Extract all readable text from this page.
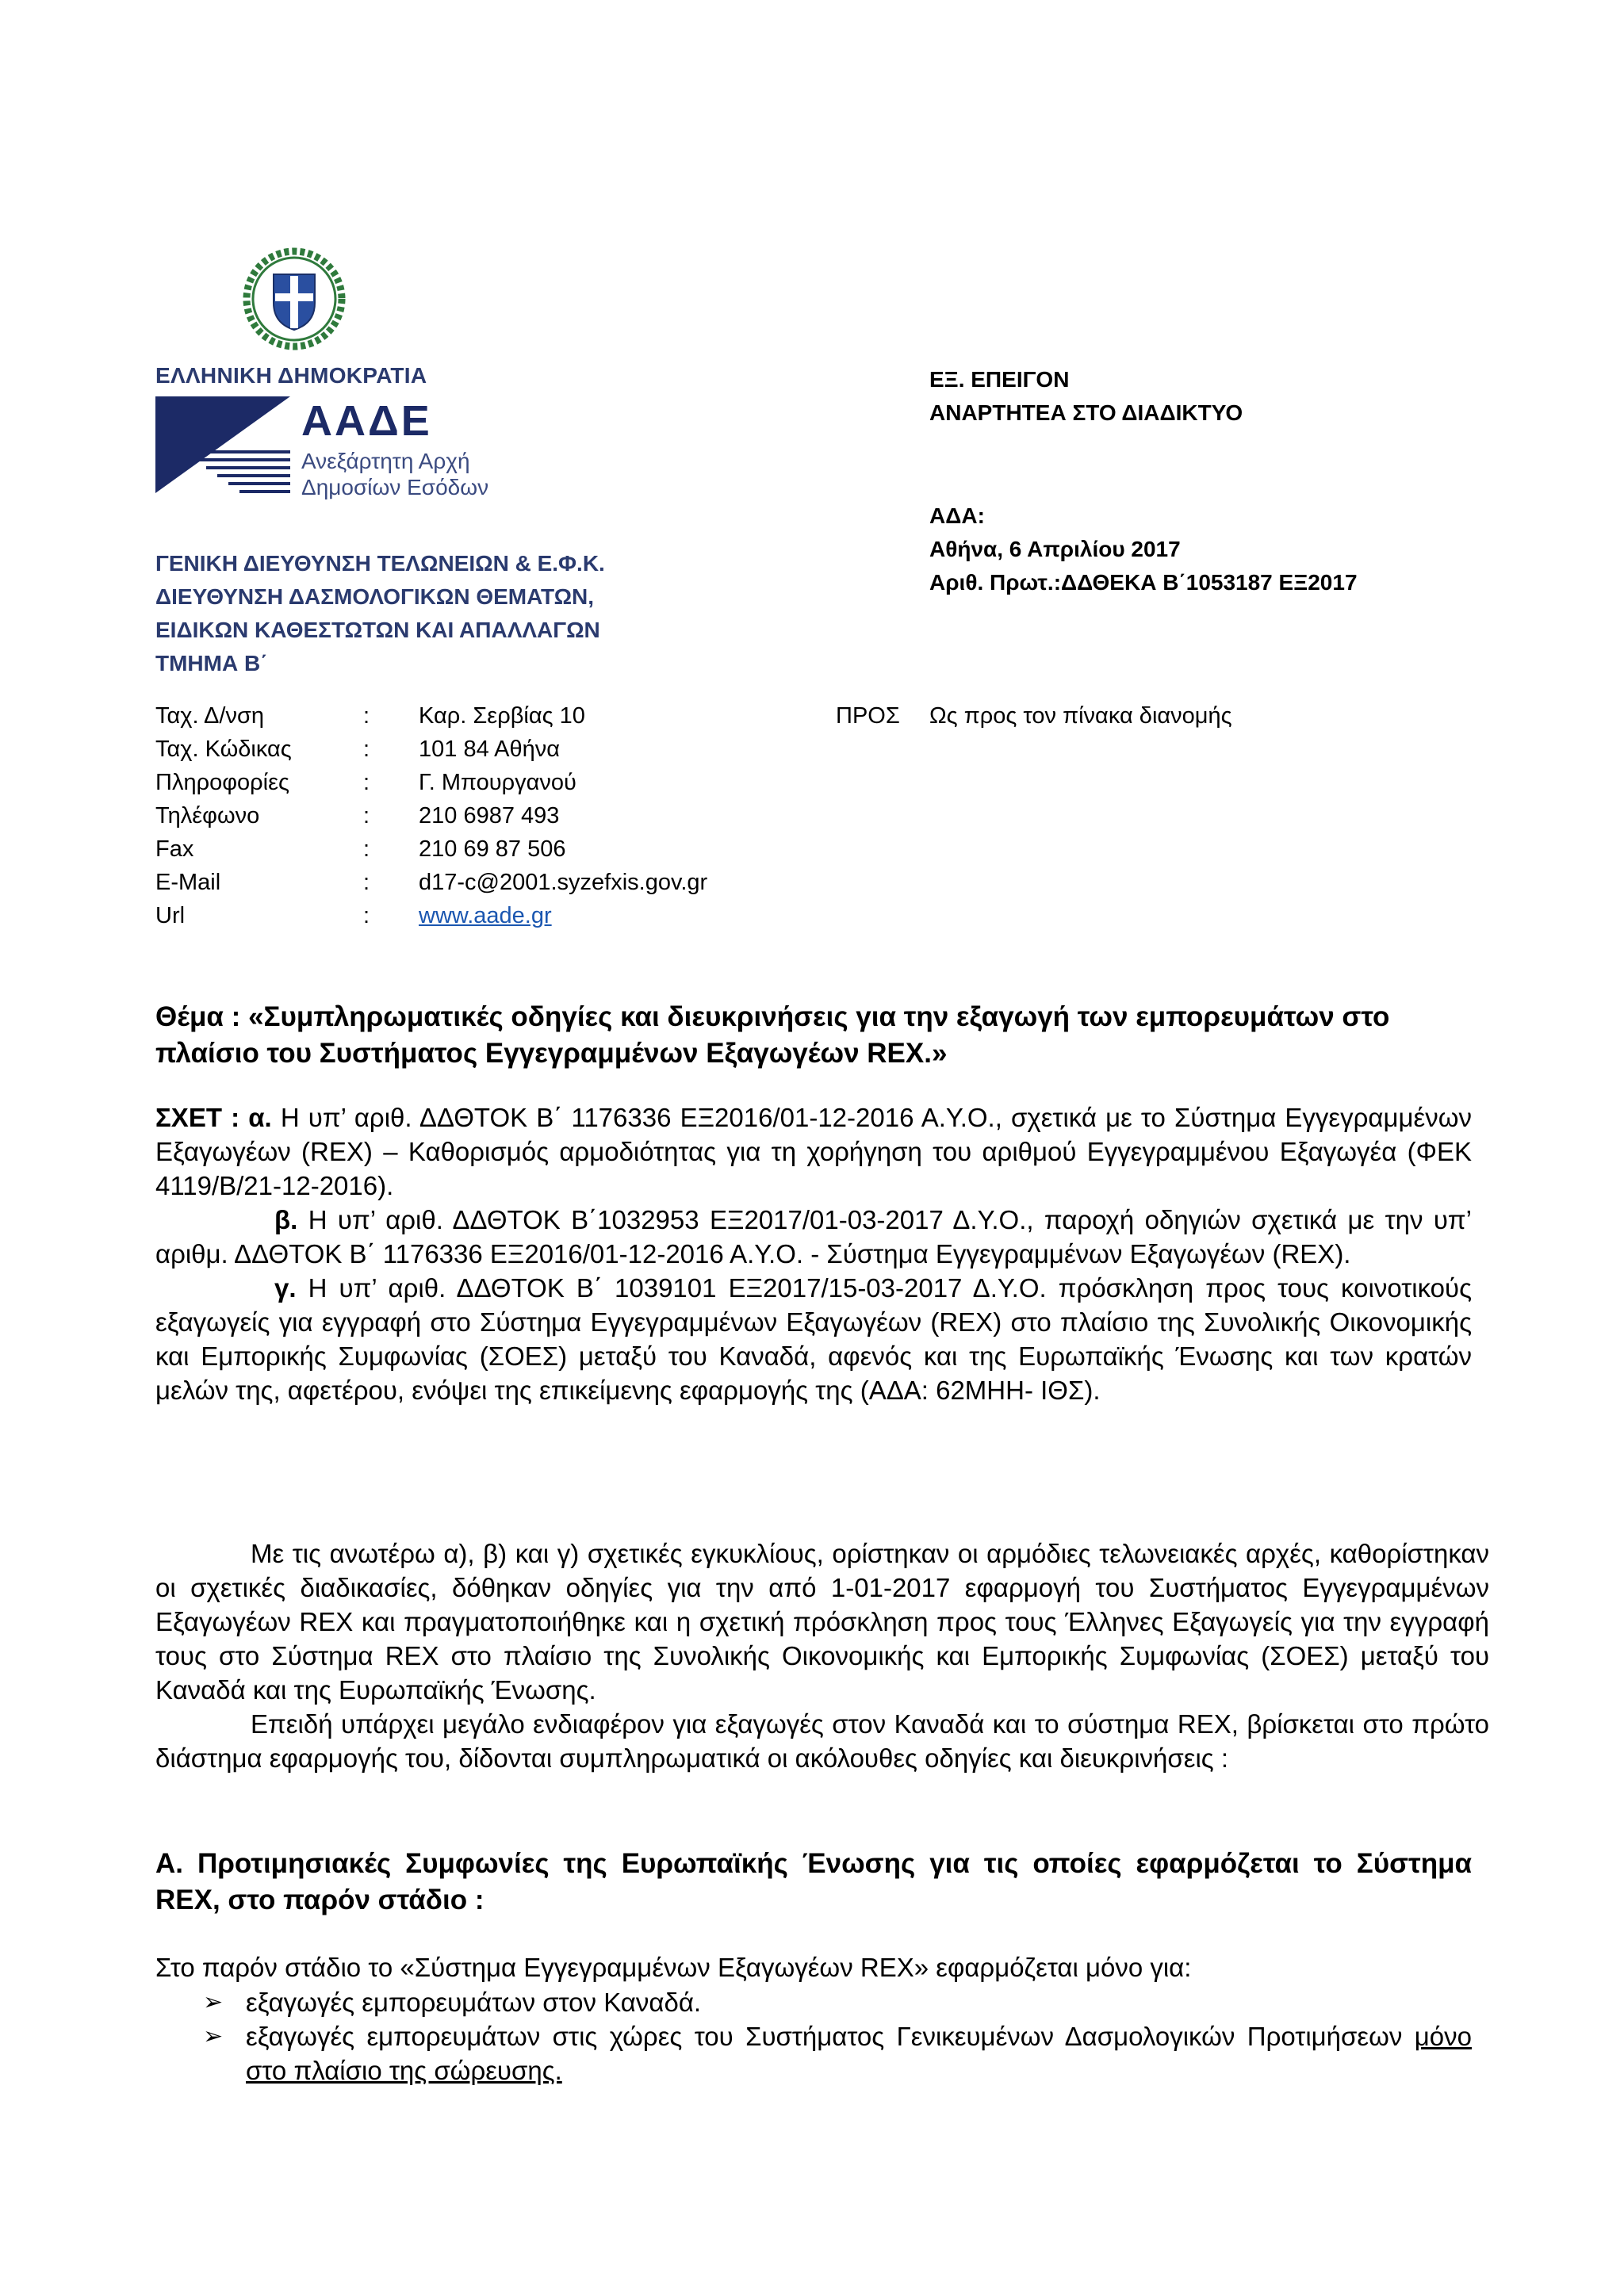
ΕΛΛΗΝΙΚΗ ΔΗΜΟΚΡΑΤΙΑ
ΑΑΔΕ
Ανεξάρτητη Αρχή
Δημοσίων Εσόδων
ΓΕΝΙΚΗ ΔΙΕΥΘΥΝΣΗ ΤΕΛΩΝΕΙΩΝ & Ε.Φ.Κ.
ΔΙΕΥΘΥΝΣΗ ΔΑΣΜΟΛΟΓΙΚΩΝ ΘΕΜΑΤΩΝ,
ΕΙΔΙΚΩΝ ΚΑΘΕΣΤΩΤΩΝ ΚΑΙ ΑΠΑΛΛΑΓΩΝ
ΤΜΗΜΑ Β΄
ΕΞ. ΕΠΕΙΓΟΝ
ΑΝΑΡΤΗΤΕΑ ΣΤΟ ΔΙΑΔΙΚΤΥΟ
ΑΔΑ:
Αθήνα, 6 Απριλίου 2017
Αριθ. Πρωτ.:ΔΔΘΕΚΑ Β΄1053187 ΕΞ2017
Ταχ. Δ/νση	:	Καρ. Σερβίας 10
Ταχ. Κώδικας	:	101 84 Αθήνα
Πληροφορίες	:	Γ. Μπουργανού
Τηλέφωνο	:	210 6987 493
Fax	:	210 69 87 506
E-Mail	:	d17-c@2001.syzefxis.gov.gr
Url	:	www.aade.gr
ΠΡΟΣ Ως προς τον πίνακα διανομής
Θέμα : «Συμπληρωματικές οδηγίες και διευκρινήσεις για την εξαγωγή των εμπορευμάτων στο πλαίσιο του Συστήματος Εγγεγραμμένων Εξαγωγέων REX.»

ΣΧΕΤ : α. Η υπ’ αριθ. ΔΔΘΤΟΚ Β΄ 1176336 ΕΞ2016/01-12-2016 Α.Υ.Ο., σχετικά με το Σύστημα Εγγεγραμμένων Εξαγωγέων (REX) – Καθορισμός αρμοδιότητας για τη χορήγηση του αριθμού Εγγεγραμμένου Εξαγωγέα (ΦΕΚ 4119/Β/21-12-2016).

β. Η υπ’ αριθ. ΔΔΘΤΟΚ Β΄1032953 ΕΞ2017/01-03-2017 Δ.Υ.Ο., παροχή οδηγιών σχετικά με την υπ’ αριθμ. ΔΔΘΤΟΚ Β΄ 1176336 ΕΞ2016/01-12-2016 Α.Υ.Ο. - Σύστημα Εγγεγραμμένων Εξαγωγέων (REX).

γ. Η υπ’ αριθ. ΔΔΘΤΟΚ Β΄ 1039101 ΕΞ2017/15-03-2017 Δ.Υ.Ο. πρόσκληση προς τους κοινοτικούς εξαγωγείς για εγγραφή στο Σύστημα Εγγεγραμμένων Εξαγωγέων (REX) στο πλαίσιο της Συνολικής Οικονομικής και Εμπορικής Συμφωνίας (ΣΟΕΣ) μεταξύ του Καναδά, αφενός και της Ευρωπαϊκής Ένωσης και των κρατών μελών της, αφετέρου, ενόψει της επικείμενης εφαρμογής της (ΑΔΑ: 62ΜΗΗ- ΙΘΣ).

Με τις ανωτέρω α), β) και γ) σχετικές εγκυκλίους, ορίστηκαν οι αρμόδιες τελωνειακές αρχές, καθορίστηκαν οι σχετικές διαδικασίες, δόθηκαν οδηγίες για την από 1-01-2017 εφαρμογή του Συστήματος Εγγεγραμμένων Εξαγωγέων REX και πραγματοποιήθηκε και η σχετική πρόσκληση προς τους Έλληνες Εξαγωγείς για την εγγραφή τους στο Σύστημα REX στο πλαίσιο της Συνολικής Οικονομικής και Εμπορικής Συμφωνίας (ΣΟΕΣ) μεταξύ του Καναδά και της Ευρωπαϊκής Ένωσης.

Επειδή υπάρχει μεγάλο ενδιαφέρον για εξαγωγές στον Καναδά και το σύστημα REX, βρίσκεται στο πρώτο διάστημα εφαρμογής του, δίδονται συμπληρωματικά οι ακόλουθες οδηγίες και διευκρινήσεις :

Α. Προτιμησιακές Συμφωνίες της Ευρωπαϊκής Ένωσης για τις οποίες εφαρμόζεται το Σύστημα REX, στο παρόν στάδιο :
Στο παρόν στάδιο το «Σύστημα Εγγεγραμμένων Εξαγωγέων REX» εφαρμόζεται μόνο για:
➢ εξαγωγές εμπορευμάτων στον Καναδά.
➢ εξαγωγές εμπορευμάτων στις χώρες του Συστήματος Γενικευμένων Δασμολογικών Προτιμήσεων μόνο στο πλαίσιο της σώρευσης.
